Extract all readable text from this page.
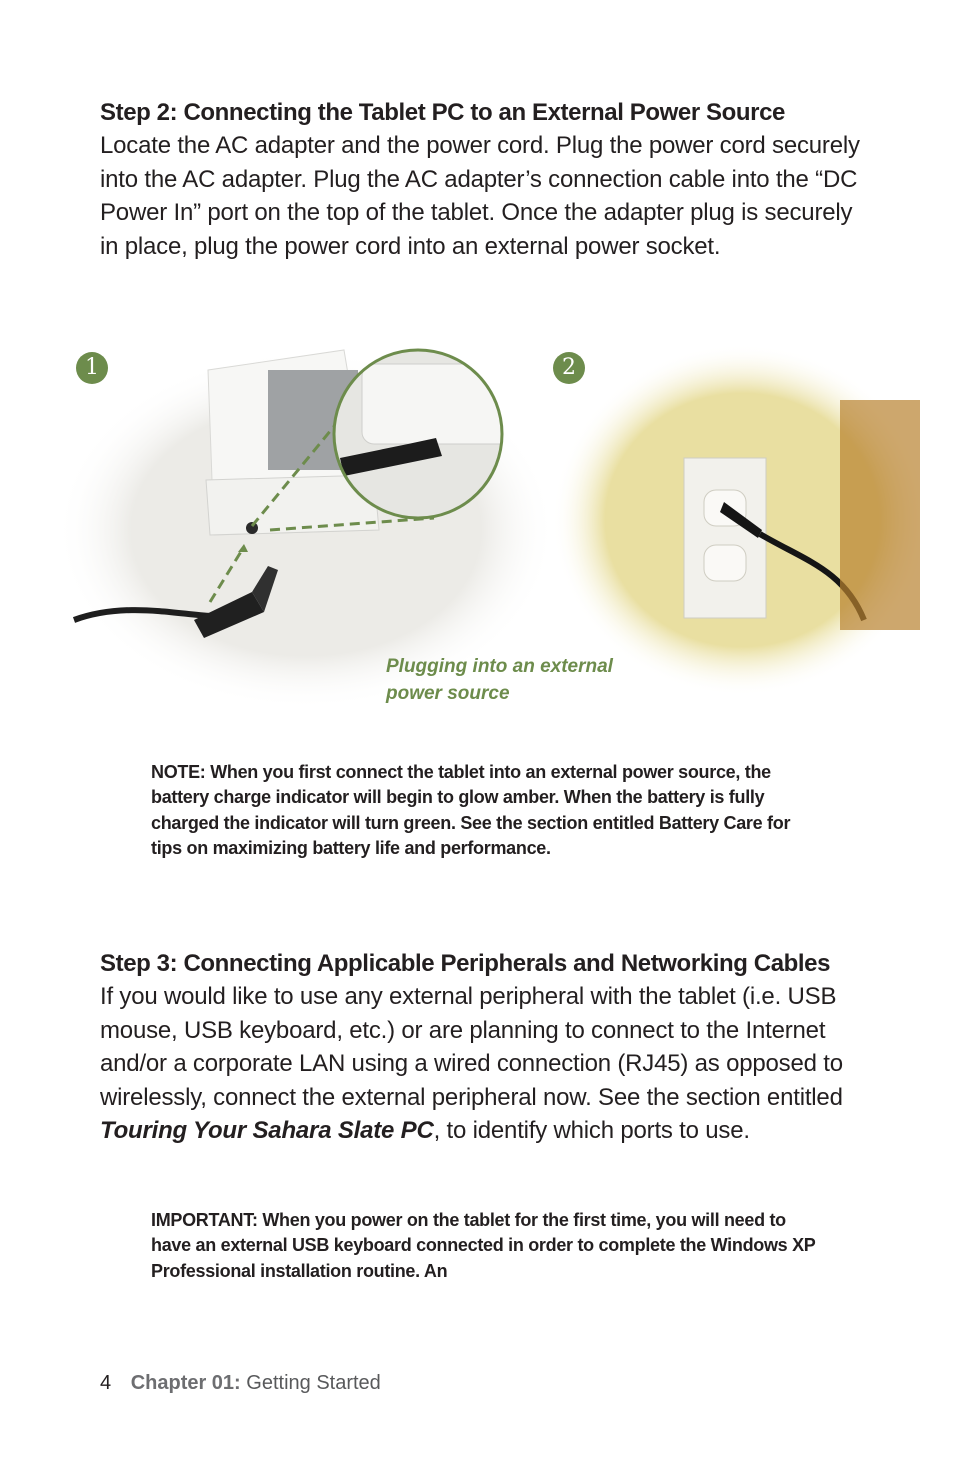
Step 2: Connecting the Tablet PC to an External Power Source
Locate the AC adapter and the power cord. Plug the power cord securely into the AC adapter. Plug the AC adapter’s connection cable into the “DC Power In” port on the top of the tablet. Once the adapter plug is securely in place, plug the power cord into an external power socket.
1	2
Plugging into an external power source
NOTE: When you first connect the tablet into an external power source, the battery charge indicator will begin to glow amber. When the battery is fully charged the indicator will turn green. See the section entitled Battery Care for tips on maximizing battery life and performance.
Step 3: Connecting Applicable Peripherals and Networking Cables
If you would like to use any external peripheral with the tablet (i.e. USB mouse, USB keyboard, etc.) or are planning to connect to the Internet and/or a corporate LAN using a wired connection (RJ45) as opposed to wirelessly, connect the external peripheral now. See the section entitled Touring Your Sahara Slate PC, to identify which ports to use.
IMPORTANT: When you power on the tablet for the first time, you will need to have an external USB keyboard connected in order to complete the Windows XP Professional installation routine. An
4 Chapter 01: Getting Started
